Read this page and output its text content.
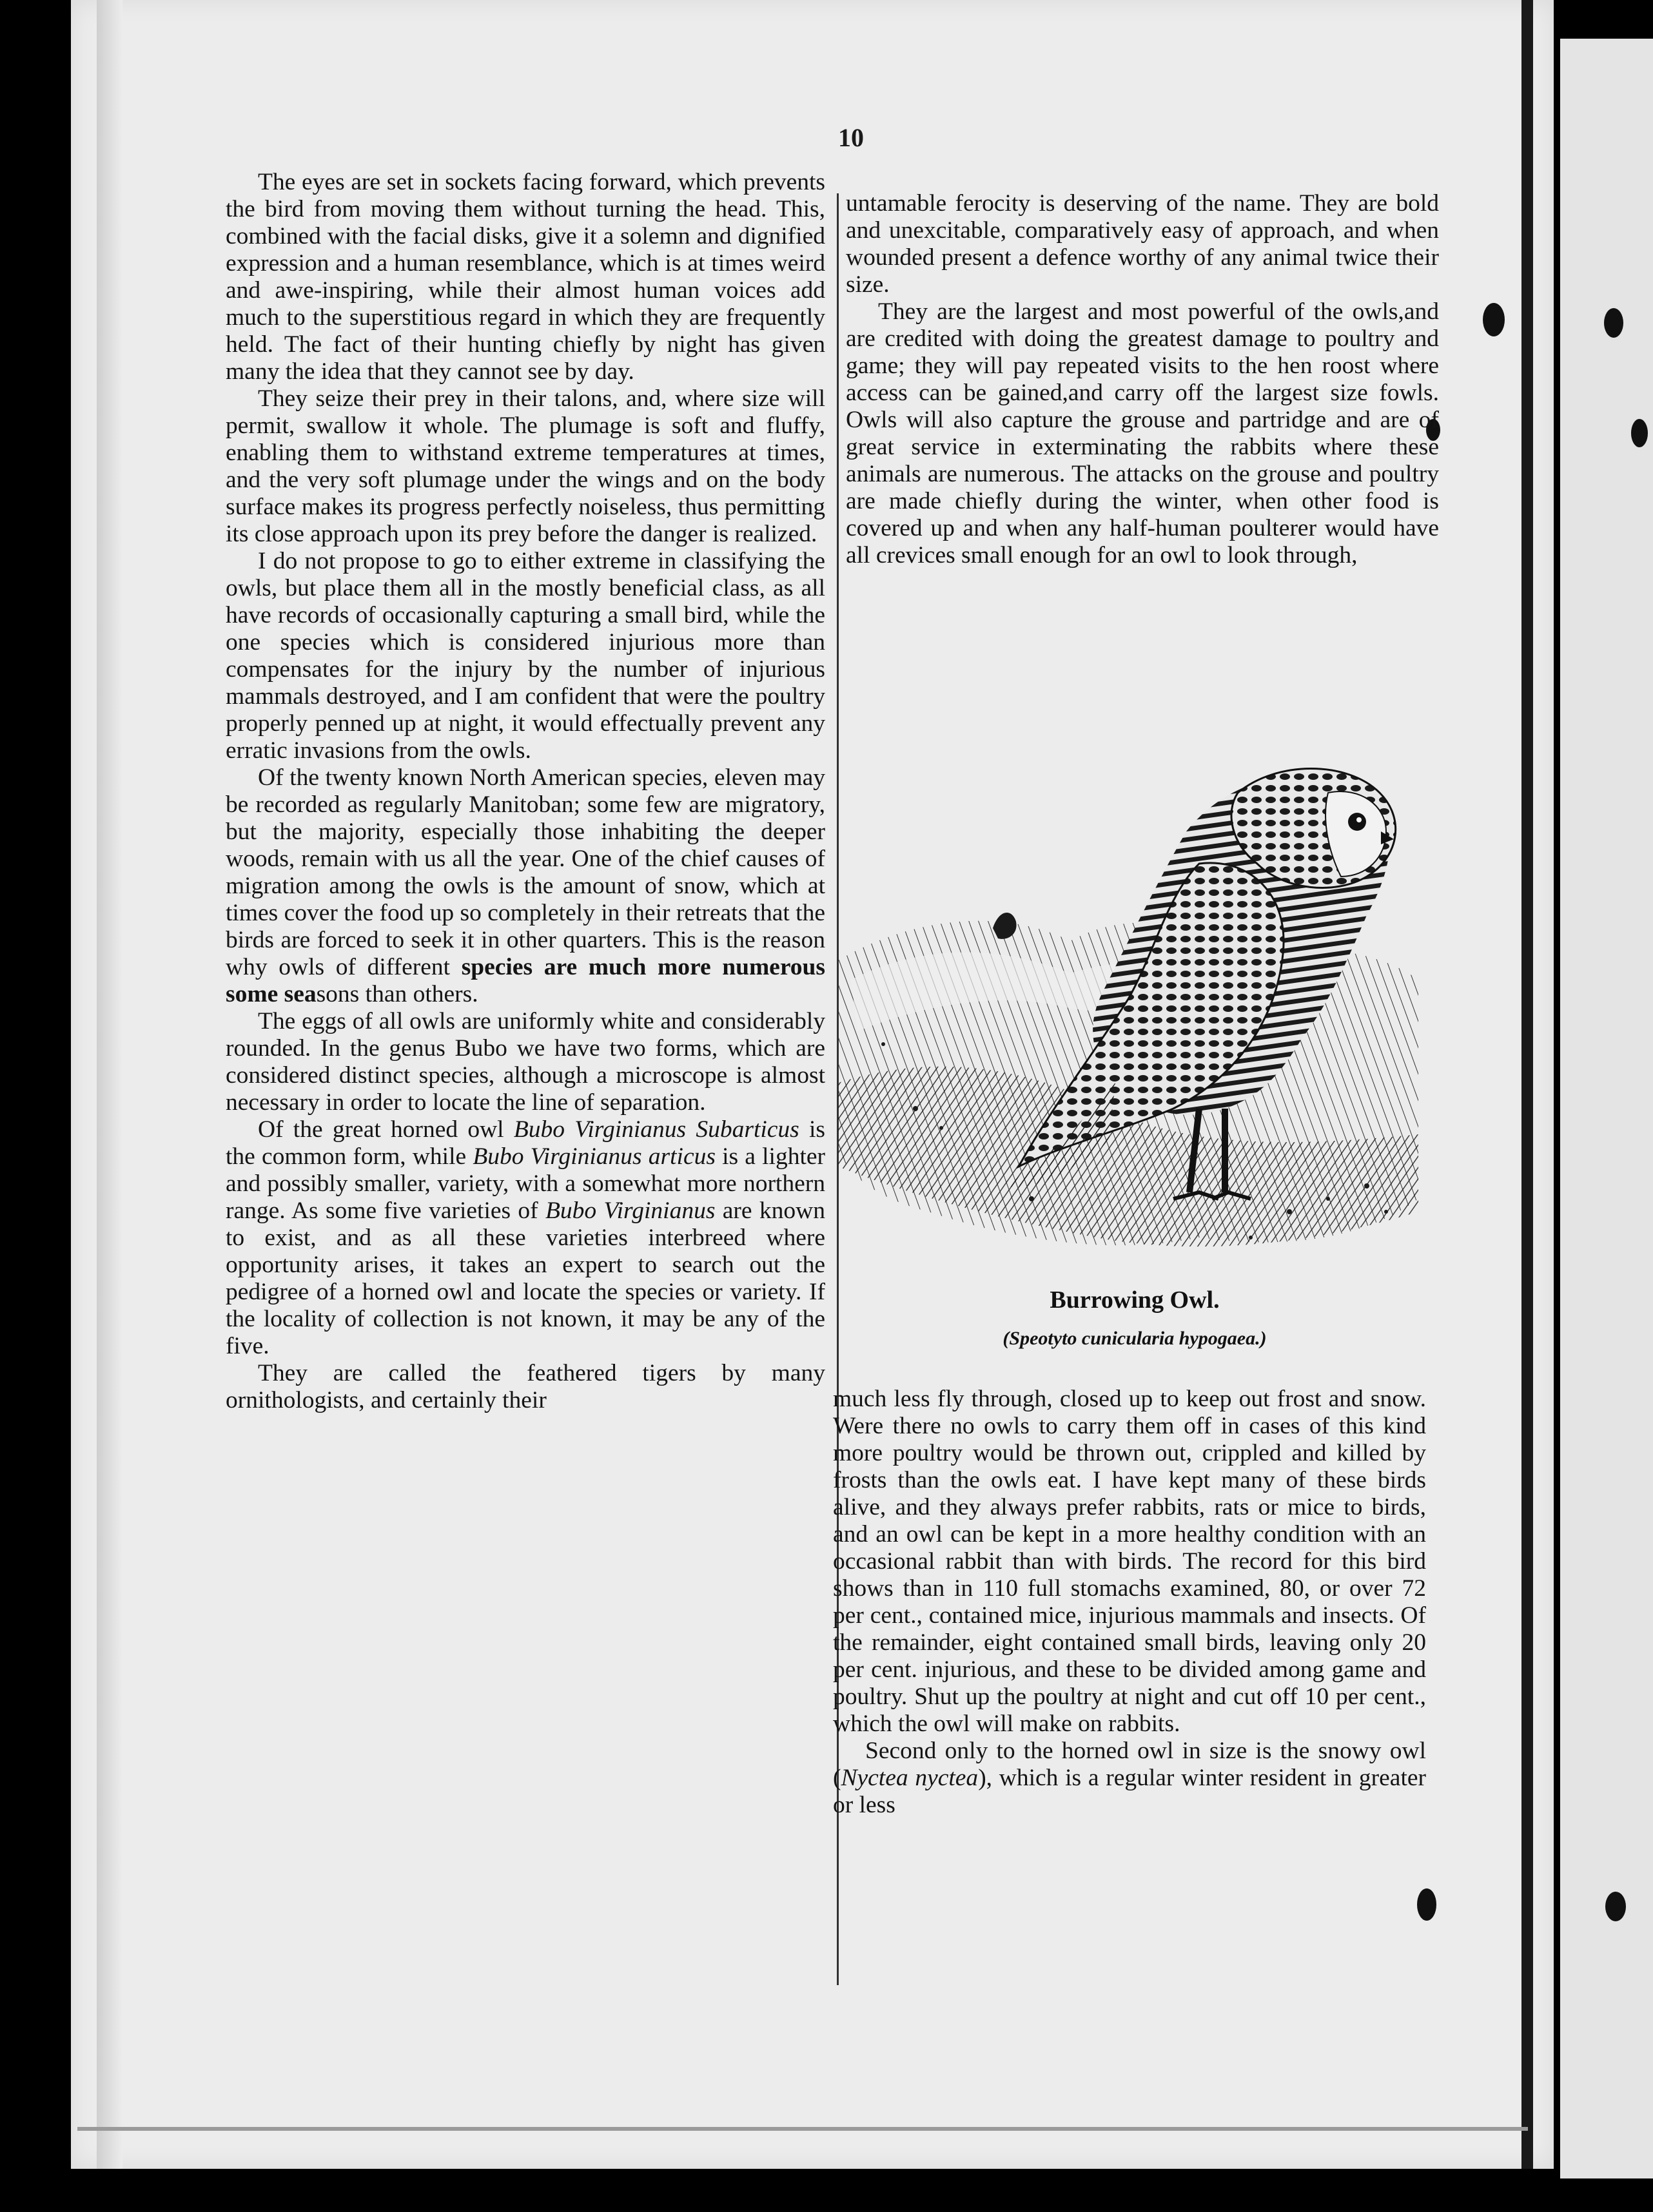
10

The eyes are set in sockets facing forward, which prevents the bird from moving them without turning the head. This, combined with the facial disks, give it a solemn and dignified expression and a human resemblance, which is at times weird and awe-inspiring, while their almost human voices add much to the superstitious regard in which they are frequently held. The fact of their hunting chiefly by night has given many the idea that they cannot see by day.

They seize their prey in their talons, and, where size will permit, swallow it whole. The plumage is soft and fluffy, enabling them to withstand extreme temperatures at times, and the very soft plumage under the wings and on the body surface makes its progress perfectly noiseless, thus permitting its close approach upon its prey before the danger is realized.

I do not propose to go to either extreme in classifying the owls, but place them all in the mostly beneficial class, as all have records of occasionally capturing a small bird, while the one species which is considered injurious more than compensates for the injury by the number of injurious mammals destroyed, and I am confident that were the poultry properly penned up at night, it would effectually prevent any erratic invasions from the owls.

Of the twenty known North American species, eleven may be recorded as regularly Manitoban; some few are migratory, but the majority, especially those inhabiting the deeper woods, remain with us all the year. One of the chief causes of migration among the owls is the amount of snow, which at times cover the food up so completely in their retreats that the birds are forced to seek it in other quarters. This is the reason why owls of different species are much more numerous some seasons than others.

The eggs of all owls are uniformly white and considerably rounded. In the genus Bubo we have two forms, which are considered distinct species, although a microscope is almost necessary in order to locate the line of separation.

Of the great horned owl Bubo Virginianus Subarticus is the common form, while Bubo Virginianus articus is a lighter and possibly smaller, variety, with a somewhat more northern range. As some five varieties of Bubo Virginianus are known to exist, and as all these varieties interbreed where opportunity arises, it takes an expert to search out the pedigree of a horned owl and locate the species or variety. If the locality of collection is not known, it may be any of the five.

They are called the feathered tigers by many ornithologists, and certainly their

untamable ferocity is deserving of the name. They are bold and unexcitable, comparatively easy of approach, and when wounded present a defence worthy of any animal twice their size.

They are the largest and most powerful of the owls,and are credited with doing the greatest damage to poultry and game; they will pay repeated visits to the hen roost where access can be gained,and carry off the largest size fowls. Owls will also capture the grouse and partridge and are of great service in exterminating the rabbits where these animals are numerous. The attacks on the grouse and poultry are made chiefly during the winter, when other food is covered up and when any half-human poulterer would have all crevices small enough for an owl to look through,

Burrowing Owl.
(Speotyto cunicularia hypogaea.)

much less fly through, closed up to keep out frost and snow. Were there no owls to carry them off in cases of this kind more poultry would be thrown out, crippled and killed by frosts than the owls eat. I have kept many of these birds alive, and they always prefer rabbits, rats or mice to birds, and an owl can be kept in a more healthy condition with an occasional rabbit than with birds. The record for this bird shows than in 110 full stomachs examined, 80, or over 72 per cent., contained mice, injurious mammals and insects. Of the remainder, eight contained small birds, leaving only 20 per cent. injurious, and these to be divided among game and poultry. Shut up the poultry at night and cut off 10 per cent., which the owl will make on rabbits.

Second only to the horned owl in size is the snowy owl (Nyctea nyctea), which is a regular winter resident in greater or less
